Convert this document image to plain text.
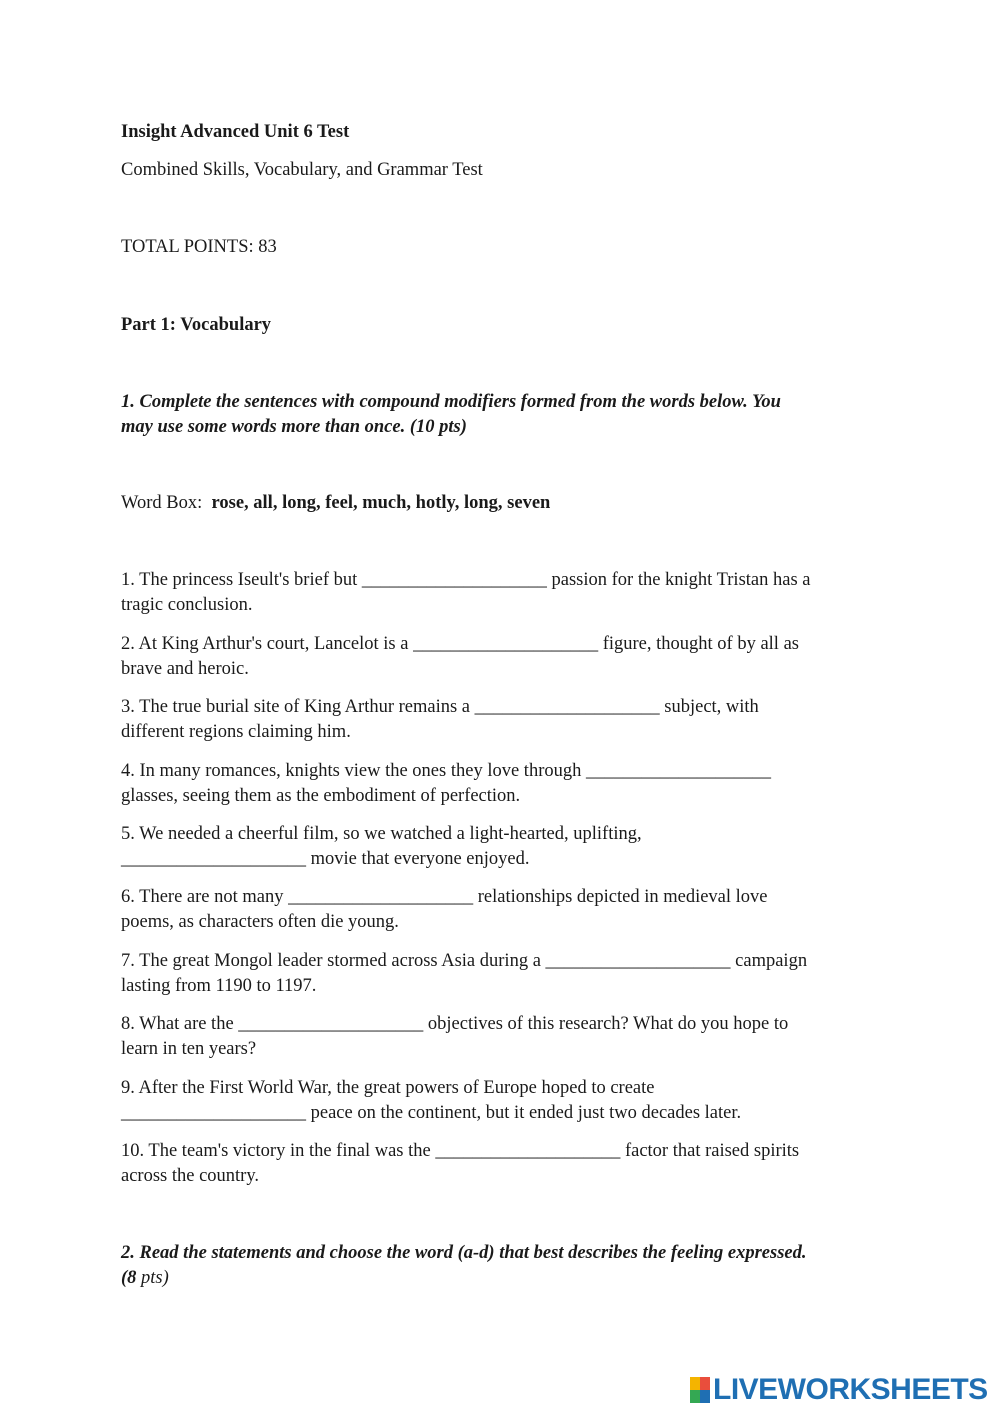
Insight Advanced Unit 6 Test
Combined Skills, Vocabulary, and Grammar Test
TOTAL POINTS: 83
Part 1: Vocabulary
1. Complete the sentences with compound modifiers formed from the words below. You
may use some words more than once. (10 pts)
Word Box: rose, all, long, feel, much, hotly, long, seven
1. The princess Iseult's brief but ____________________ passion for the knight Tristan has a
tragic conclusion.
2. At King Arthur's court, Lancelot is a ____________________ figure, thought of by all as
brave and heroic.
3. The true burial site of King Arthur remains a ____________________ subject, with
different regions claiming him.
4. In many romances, knights view the ones they love through ____________________
glasses, seeing them as the embodiment of perfection.
5. We needed a cheerful film, so we watched a light-hearted, uplifting,
____________________ movie that everyone enjoyed.
6. There are not many ____________________ relationships depicted in medieval love
poems, as characters often die young.
7. The great Mongol leader stormed across Asia during a ____________________ campaign
lasting from 1190 to 1197.
8. What are the ____________________ objectives of this research? What do you hope to
learn in ten years?
9. After the First World War, the great powers of Europe hoped to create
____________________ peace on the continent, but it ended just two decades later.
10. The team's victory in the final was the ____________________ factor that raised spirits
across the country.
2. Read the statements and choose the word (a-d) that best describes the feeling expressed.
(8 pts)
LIVEWORKSHEETS
